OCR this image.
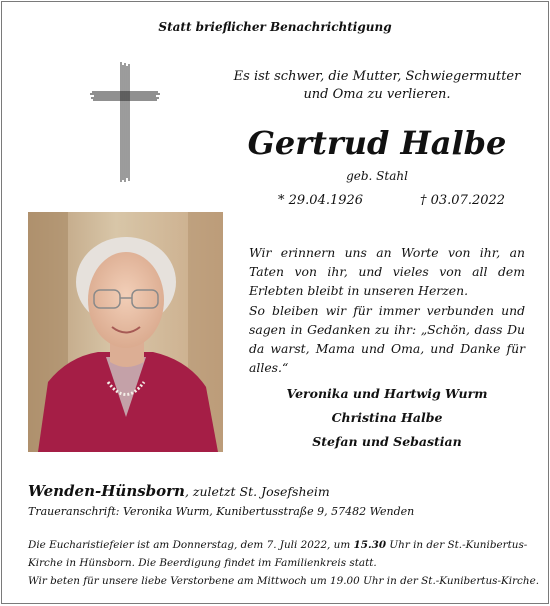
Statt brieflicher Benachrichtigung
Es ist schwer, die Mutter, Schwiegermutter
und Oma zu verlieren.
Gertrud Halbe
geb. Stahl
* 29.04.1926	† 03.07.2022

Wir erinnern uns an Worte von ihr, an Taten von ihr, und vieles von all dem Erlebten bleibt in unseren Herzen.

So bleiben wir für immer verbunden und sagen in Gedanken zu ihr: „Schön, dass Du da warst, Mama und Oma, und Danke für alles.“

Veronika und Hartwig Wurm
Christina Halbe
Stefan und Sebastian
Wenden-Hünsborn, zuletzt St. Josefsheim
Traueranschrift: Veronika Wurm, Kunibertusstraße 9, 57482 Wenden

Die Eucharistiefeier ist am Donnerstag, dem 7. Juli 2022, um 15.30 Uhr in der St.-Kunibertus-

Kirche in Hünsborn. Die Beerdigung findet im Familienkreis statt.

Wir beten für unsere liebe Verstorbene am Mittwoch um 19.00 Uhr in der St.-Kunibertus-Kirche.
